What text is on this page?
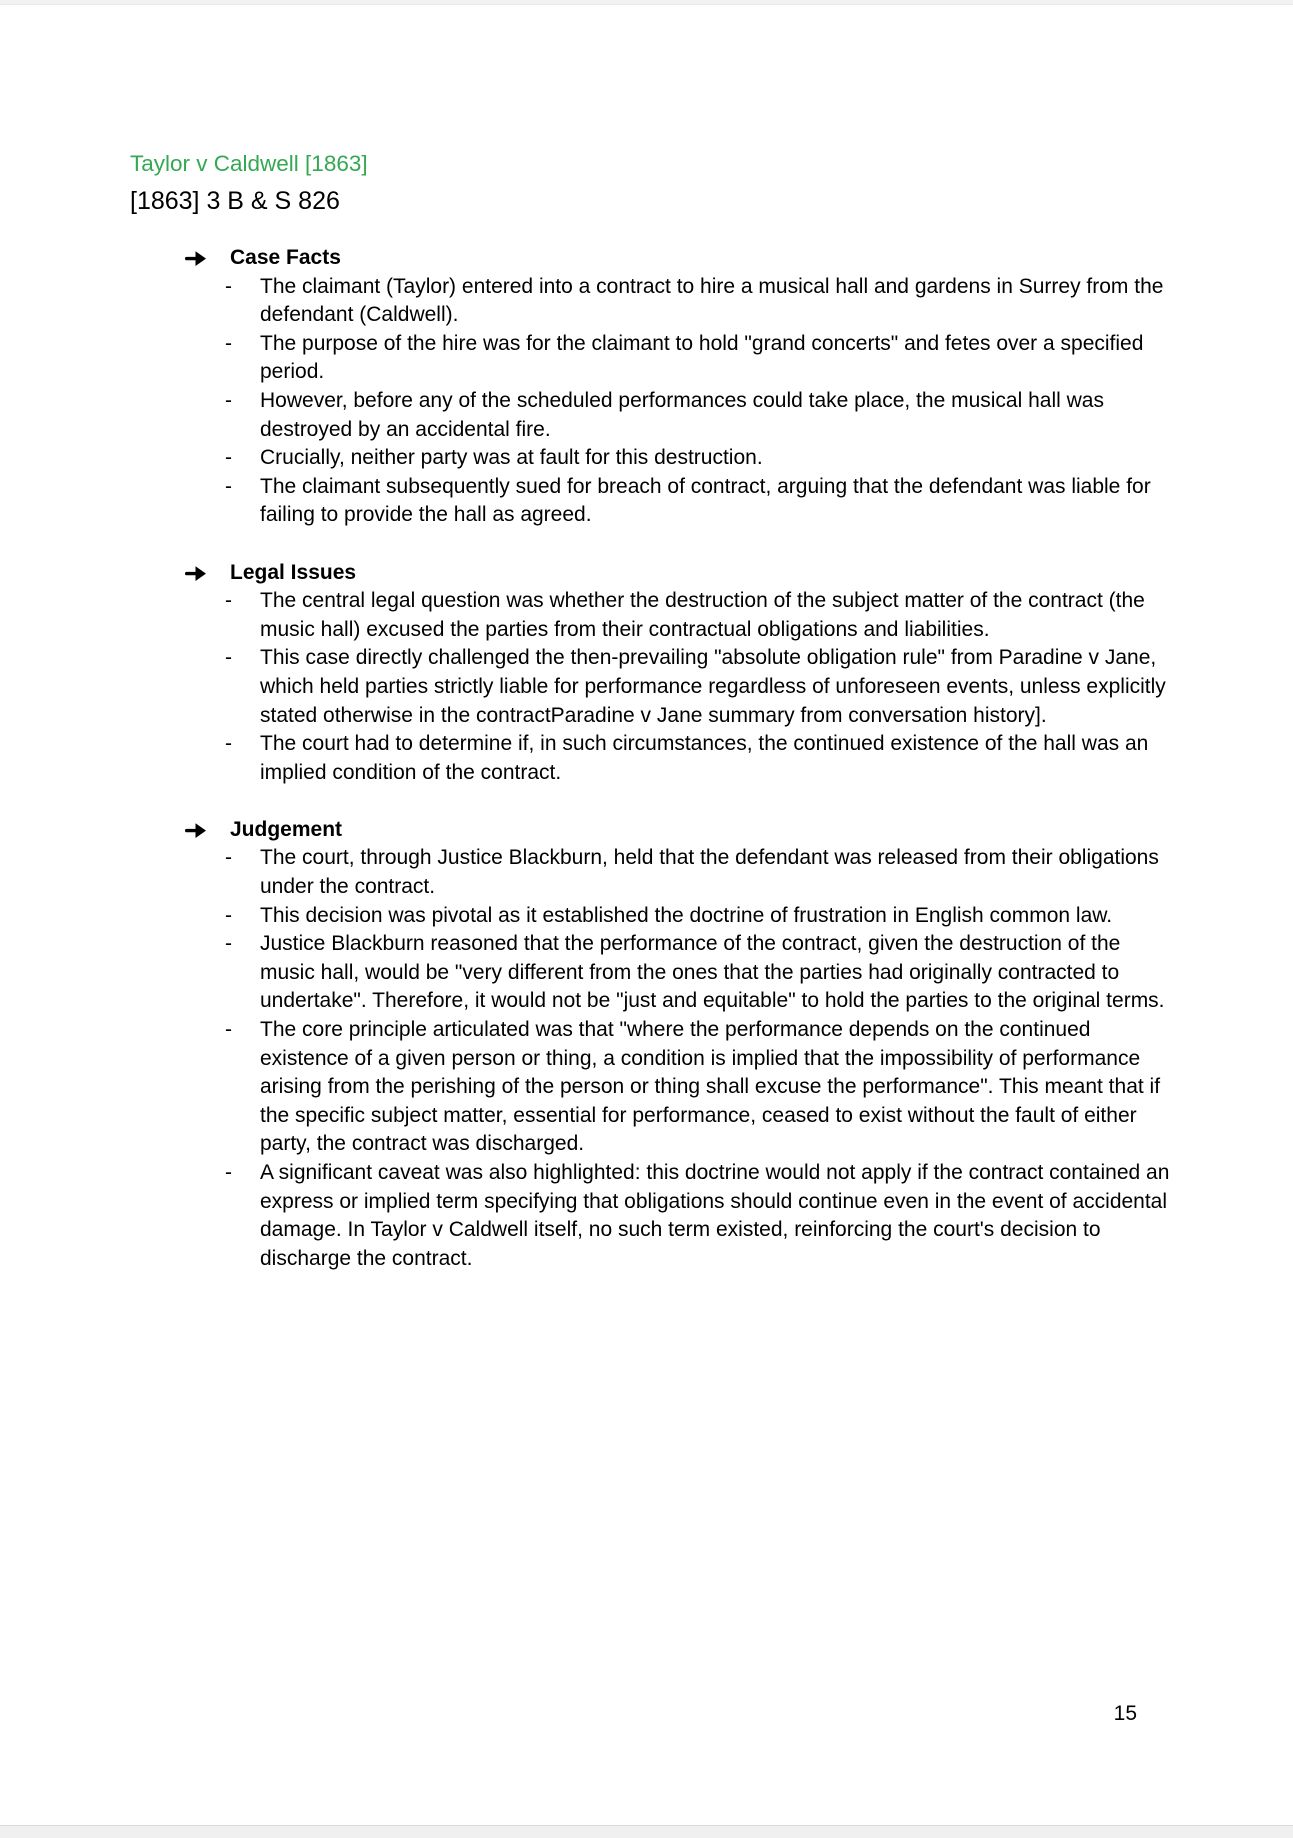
Taylor v Caldwell [1863]
[1863] 3 B & S 826
Case Facts
-	The claimant (Taylor) entered into a contract to hire a musical hall and gardens in Surrey from the defendant (Caldwell).
-	The purpose of the hire was for the claimant to hold "grand concerts" and fetes over a specified period.
-	However, before any of the scheduled performances could take place, the musical hall was destroyed by an accidental fire.
-	Crucially, neither party was at fault for this destruction.
-	The claimant subsequently sued for breach of contract, arguing that the defendant was liable for failing to provide the hall as agreed.
Legal Issues
-	The central legal question was whether the destruction of the subject matter of the contract (the music hall) excused the parties from their contractual obligations and liabilities.
-	This case directly challenged the then-prevailing "absolute obligation rule" from Paradine v Jane, which held parties strictly liable for performance regardless of unforeseen events, unless explicitly stated otherwise in the contractParadine v Jane summary from conversation history].
-	The court had to determine if, in such circumstances, the continued existence of the hall was an implied condition of the contract.
Judgement
-	The court, through Justice Blackburn, held that the defendant was released from their obligations under the contract.
-	This decision was pivotal as it established the doctrine of frustration in English common law.
-	Justice Blackburn reasoned that the performance of the contract, given the destruction of the music hall, would be "very different from the ones that the parties had originally contracted to undertake". Therefore, it would not be "just and equitable" to hold the parties to the original terms.
-	The core principle articulated was that "where the performance depends on the continued existence of a given person or thing, a condition is implied that the impossibility of performance arising from the perishing of the person or thing shall excuse the performance". This meant that if the specific subject matter, essential for performance, ceased to exist without the fault of either party, the contract was discharged.
-	A significant caveat was also highlighted: this doctrine would not apply if the contract contained an express or implied term specifying that obligations should continue even in the event of accidental damage. In Taylor v Caldwell itself, no such term existed, reinforcing the court's decision to discharge the contract.
15
